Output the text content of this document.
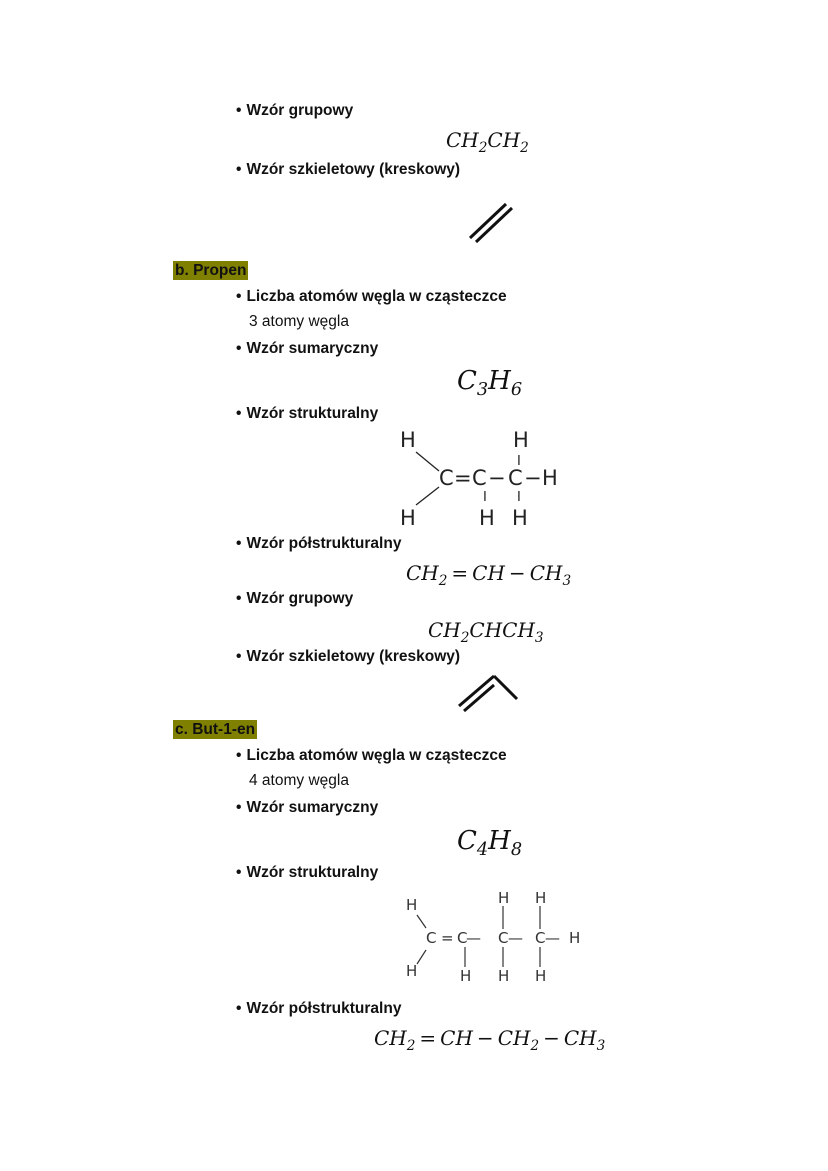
• Wzór grupowy
$CH_2CH_2$
• Wzór szkieletowy (kreskowy)
b. Propen
• Liczba atomów węgla w cząsteczce
3 atomy węgla
• Wzór sumaryczny
$C_3H_6$
• Wzór strukturalny
H	H
I
C = C − C − H
I I
H	H H
• Wzór półstrukturalny
$CH_2$ = CH − $CH_3$
• Wzór grupowy
$CH_2CHCH_3$
• Wzór szkieletowy (kreskowy)
c. But-1-en
• Liczba atomów węgla w cząsteczce
4 atomy węgla
• Wzór sumaryczny
$C_4H_8$
• Wzór strukturalny
H	H H
C = C
— C — C — H
H	H H H
• Wzór półstrukturalny
$CH_2$ = CH − $CH_2 - CH_3$
